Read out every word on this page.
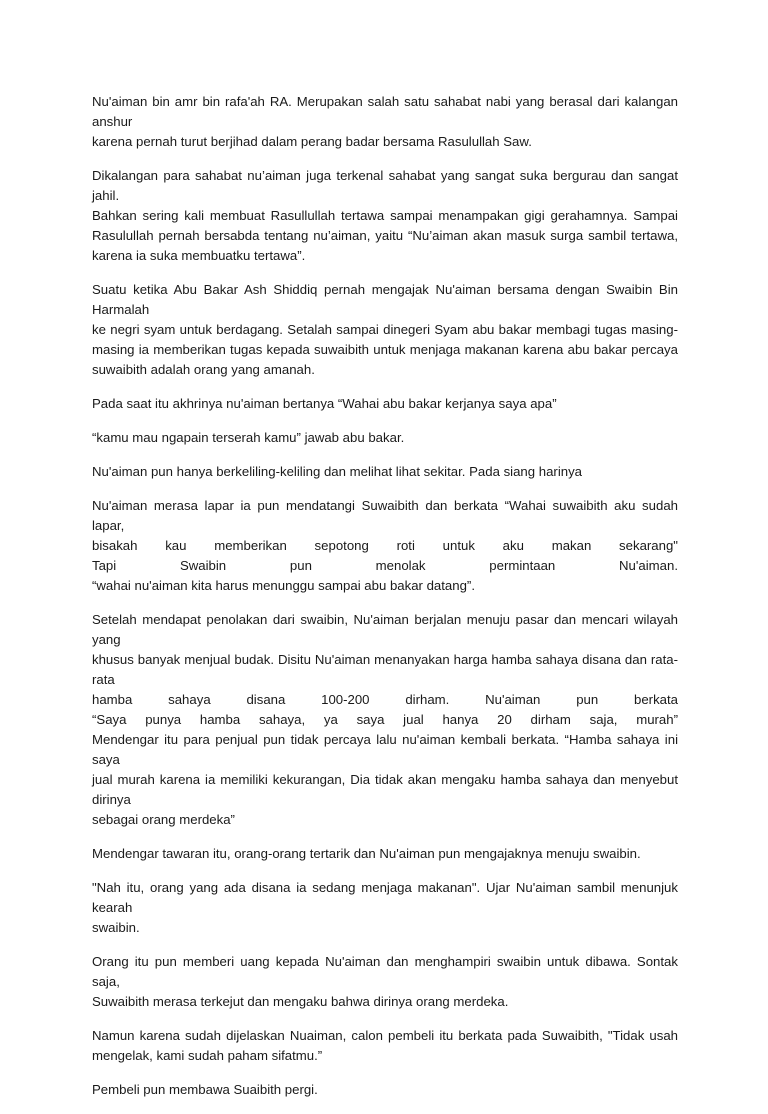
Nu'aiman bin amr bin rafa'ah RA. Merupakan salah satu sahabat nabi yang berasal dari kalangan anshur
karena pernah turut berjihad dalam perang badar bersama Rasulullah Saw.

Dikalangan para sahabat nu’aiman juga terkenal sahabat yang sangat suka bergurau dan sangat jahil.
Bahkan sering kali membuat Rasullullah tertawa sampai menampakan gigi gerahamnya. Sampai
Rasulullah pernah bersabda tentang nu’aiman, yaitu “Nu’aiman akan masuk surga sambil tertawa,
karena ia suka membuatku tertawa”.

Suatu ketika Abu Bakar Ash Shiddiq pernah mengajak Nu'aiman bersama dengan Swaibin Bin Harmalah
ke negri syam untuk berdagang. Setalah sampai dinegeri Syam abu bakar membagi tugas masing-
masing ia memberikan tugas kepada suwaibith untuk menjaga makanan karena abu bakar percaya
suwaibith adalah orang yang amanah.

Pada saat itu akhrinya nu'aiman bertanya “Wahai abu bakar kerjanya saya apa”

“kamu mau ngapain terserah kamu” jawab abu bakar.

Nu'aiman pun hanya berkeliling-keliling dan melihat lihat sekitar. Pada siang harinya

Nu'aiman merasa lapar ia pun mendatangi Suwaibith dan berkata “Wahai suwaibith aku sudah lapar,
bisakah kau memberikan sepotong roti untuk aku makan sekarang"
Tapi Swaibin pun menolak permintaan Nu'aiman.
“wahai nu'aiman kita harus menunggu sampai abu bakar datang”.

Setelah mendapat penolakan dari swaibin, Nu'aiman berjalan menuju pasar dan mencari wilayah yang
khusus banyak menjual budak. Disitu Nu'aiman menanyakan harga hamba sahaya disana dan rata-rata
hamba sahaya disana 100-200 dirham. Nu'aiman pun berkata
“Saya punya hamba sahaya, ya saya jual hanya 20 dirham saja, murah”
Mendengar itu para penjual pun tidak percaya lalu nu'aiman kembali berkata. “Hamba sahaya ini saya
jual murah karena ia memiliki kekurangan, Dia tidak akan mengaku hamba sahaya dan menyebut dirinya
sebagai orang merdeka”

Mendengar tawaran itu, orang-orang tertarik dan Nu'aiman pun mengajaknya menuju swaibin.

"Nah itu, orang yang ada disana ia sedang menjaga makanan". Ujar Nu'aiman sambil menunjuk kearah
swaibin.

Orang itu pun memberi uang kepada Nu'aiman dan menghampiri swaibin untuk dibawa. Sontak saja,
Suwaibith merasa terkejut dan mengaku bahwa dirinya orang merdeka.

Namun karena sudah dijelaskan Nuaiman, calon pembeli itu berkata pada Suwaibith, "Tidak usah
mengelak, kami sudah paham sifatmu.”

Pembeli pun membawa Suaibith pergi.
